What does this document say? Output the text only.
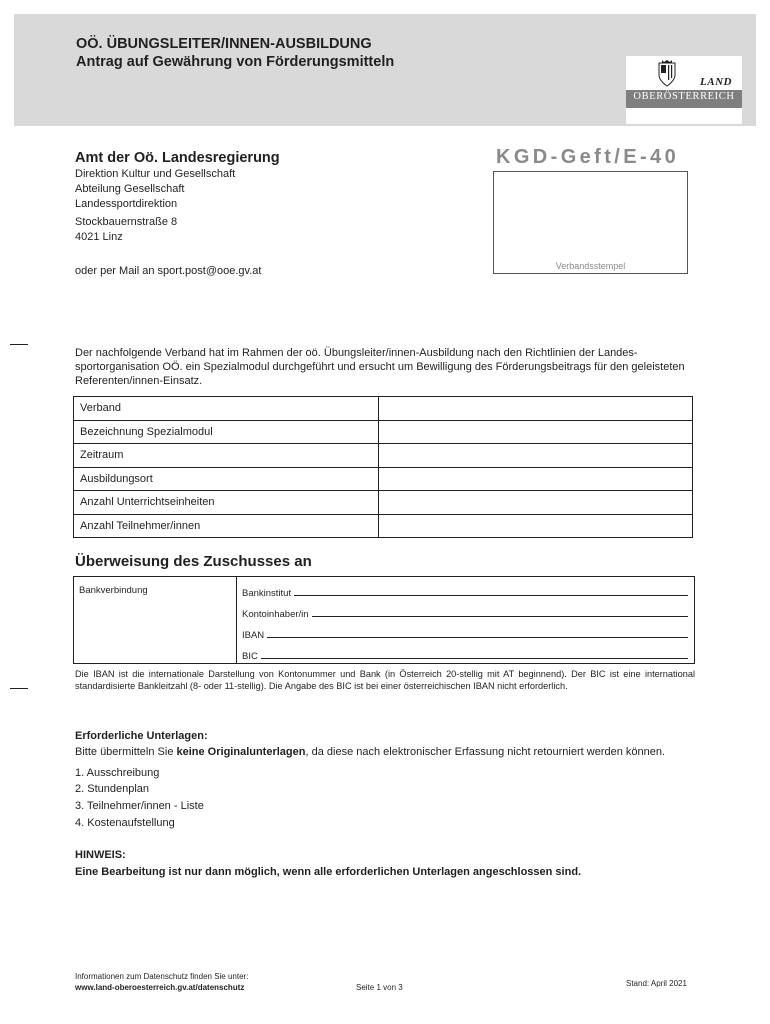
OÖ. ÜBUNGSLEITER/INNEN-AUSBILDUNG
Antrag auf Gewährung von Förderungsmitteln
LAND
OBERÖSTERREICH
Amt der Oö. Landesregierung
Direktion Kultur und Gesellschaft
Abteilung Gesellschaft
Landessportdirektion
Stockbauernstraße 8
4021 Linz
oder per Mail an sport.post@ooe.gv.at
KGD-Geft/E-40
Verbandsstempel
Der nachfolgende Verband hat im Rahmen der oö. Übungsleiter/innen-Ausbildung nach den Richtlinien der Landes-sportorganisation OÖ. ein Spezialmodul durchgeführt und ersucht um Bewilligung des Förderungsbeitrags für den geleisteten Referenten/innen-Einsatz.
Verband	
Bezeichnung Spezialmodul	
Zeitraum	
Ausbildungsort	
Anzahl Unterrichtseinheiten	
Anzahl Teilnehmer/innen	
Überweisung des Zuschusses an
Bankverbindung	Bankinstitut
Kontoinhaber/in
IBAN
BIC
Die IBAN ist die internationale Darstellung von Kontonummer und Bank (in Österreich 20-stellig mit AT beginnend). Der BIC ist eine international standardisierte Bankleitzahl (8- oder 11-stellig). Die Angabe des BIC ist bei einer österreichischen IBAN nicht erforderlich.
Erforderliche Unterlagen:
Bitte übermitteln Sie keine Originalunterlagen, da diese nach elektronischer Erfassung nicht retourniert werden können.
1. Ausschreibung
2. Stundenplan
3. Teilnehmer/innen - Liste
4. Kostenaufstellung
HINWEIS:
Eine Bearbeitung ist nur dann möglich, wenn alle erforderlichen Unterlagen angeschlossen sind.
Informationen zum Datenschutz finden Sie unter:
www.land-oberoesterreich.gv.at/datenschutz	Seite 1 von 3	Stand: April 2021
